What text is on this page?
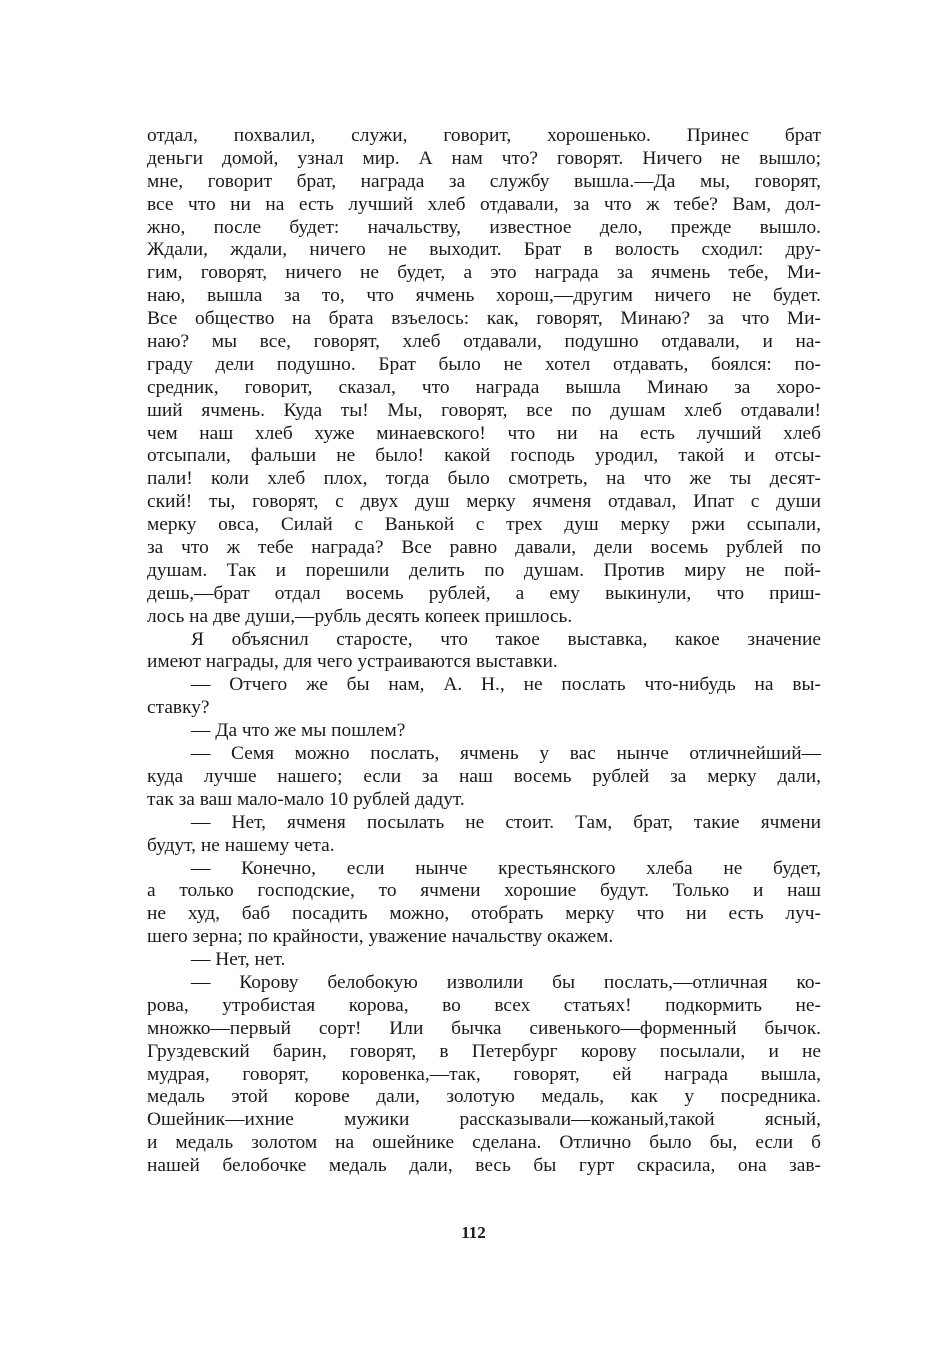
отдал, похвалил, служи, говорит, хорошенько. Принес брат
деньги домой, узнал мир. А нам что? говорят. Ничего не вышло;
мне, говорит брат, награда за службу вышла.—Да мы, говорят,
все что ни на есть лучший хлеб отдавали, за что ж тебе? Вам, дол-
жно, после будет: начальству, известное дело, прежде вышло.
Ждали, ждали, ничего не выходит. Брат в волость сходил: дру-
гим, говорят, ничего не будет, а это награда за ячмень тебе, Ми-
наю, вышла за то, что ячмень хорош,—другим ничего не будет.
Все общество на брата взъелось: как, говорят, Минаю? за что Ми-
наю? мы все, говорят, хлеб отдавали, подушно отдавали, и на-
граду дели подушно. Брат было не хотел отдавать, боялся: по-
средник, говорит, сказал, что награда вышла Минаю за хоро-
ший ячмень. Куда ты! Мы, говорят, все по душам хлеб отдавали!
чем наш хлеб хуже минаевского! что ни на есть лучший хлеб
отсыпали, фальши не было! какой господь уродил, такой и отсы-
пали! коли хлеб плох, тогда было смотреть, на что же ты десят-
ский! ты, говорят, с двух душ мерку ячменя отдавал, Ипат с души
мерку овса, Силай с Ванькой с трех душ мерку ржи ссыпали,
за что ж тебе награда? Все равно давали, дели восемь рублей по
душам. Так и порешили делить по душам. Против миру не пой-
дешь,—брат отдал восемь рублей, а ему выкинули, что приш-
лось на две души,—рубль десять копеек пришлось.
Я объяснил старосте, что такое выставка, какое значение
имеют награды, для чего устраиваются выставки.
— Отчего же бы нам, А. Н., не послать что-нибудь на вы-
ставку?
— Да что же мы пошлем?
— Семя можно послать, ячмень у вас нынче отличнейший—
куда лучше нашего; если за наш восемь рублей за мерку дали,
так за ваш мало-мало 10 рублей дадут.
— Нет, ячменя посылать не стоит. Там, брат, такие ячмени
будут, не нашему чета.
— Конечно, если нынче крестьянского хлеба не будет,
а только господские, то ячмени хорошие будут. Только и наш
не худ, баб посадить можно, отобрать мерку что ни есть луч-
шего зерна; по крайности, уважение начальству окажем.
— Нет, нет.
— Корову белобокую изволили бы послать,—отличная ко-
рова, утробистая корова, во всех статьях! подкормить не-
множко—первый сорт! Или бычка сивенького—форменный бычок.
Груздевский барин, говорят, в Петербург корову посылали, и не
мудрая, говорят, коровенка,—так, говорят, ей награда вышла,
медаль этой корове дали, золотую медаль, как у посредника.
Ошейник—ихние мужики рассказывали—кожаный,такой ясный,
и медаль золотом на ошейнике сделана. Отлично было бы, если б
нашей белобочке медаль дали, весь бы гурт скрасила, она зав-
112
